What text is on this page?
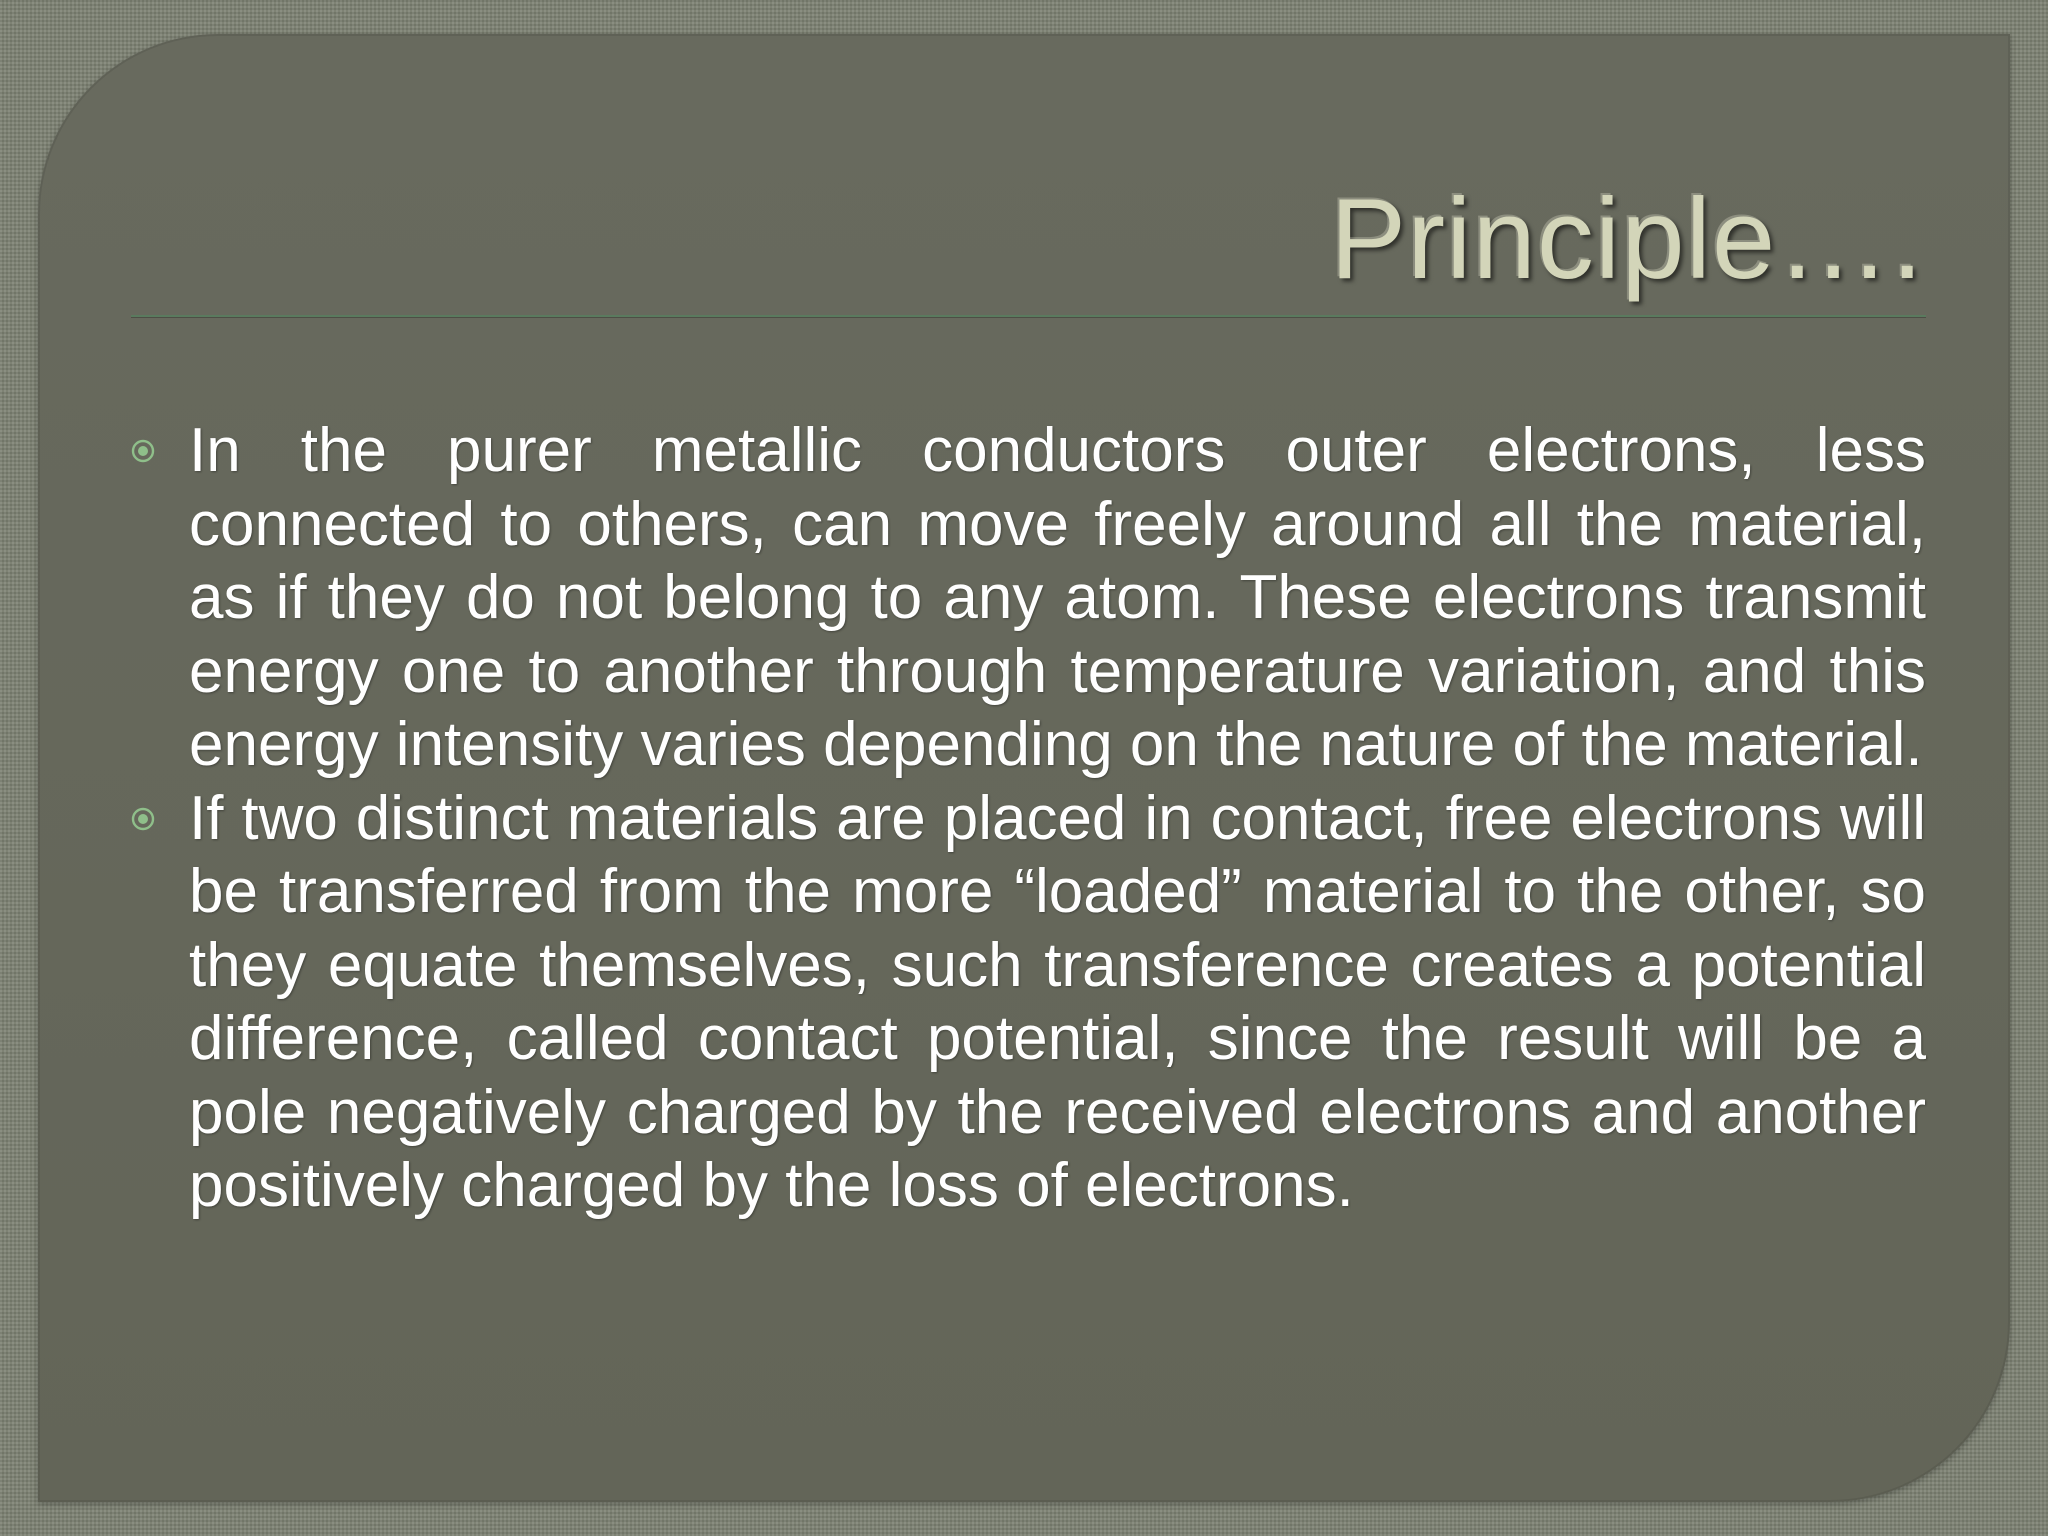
Principle….
In the purer metallic conductors outer electrons, less connected to others, can move freely around all the material, as if they do not belong to any atom. These electrons transmit energy one to another through temperature variation, and this energy intensity varies depending on the nature of the material.
If two distinct materials are placed in contact, free electrons will be transferred from the more “loaded” material to the other, so they equate themselves, such transference creates a potential difference, called contact potential, since the result will be a pole negatively charged by the received electrons and another positively charged by the loss of electrons.
